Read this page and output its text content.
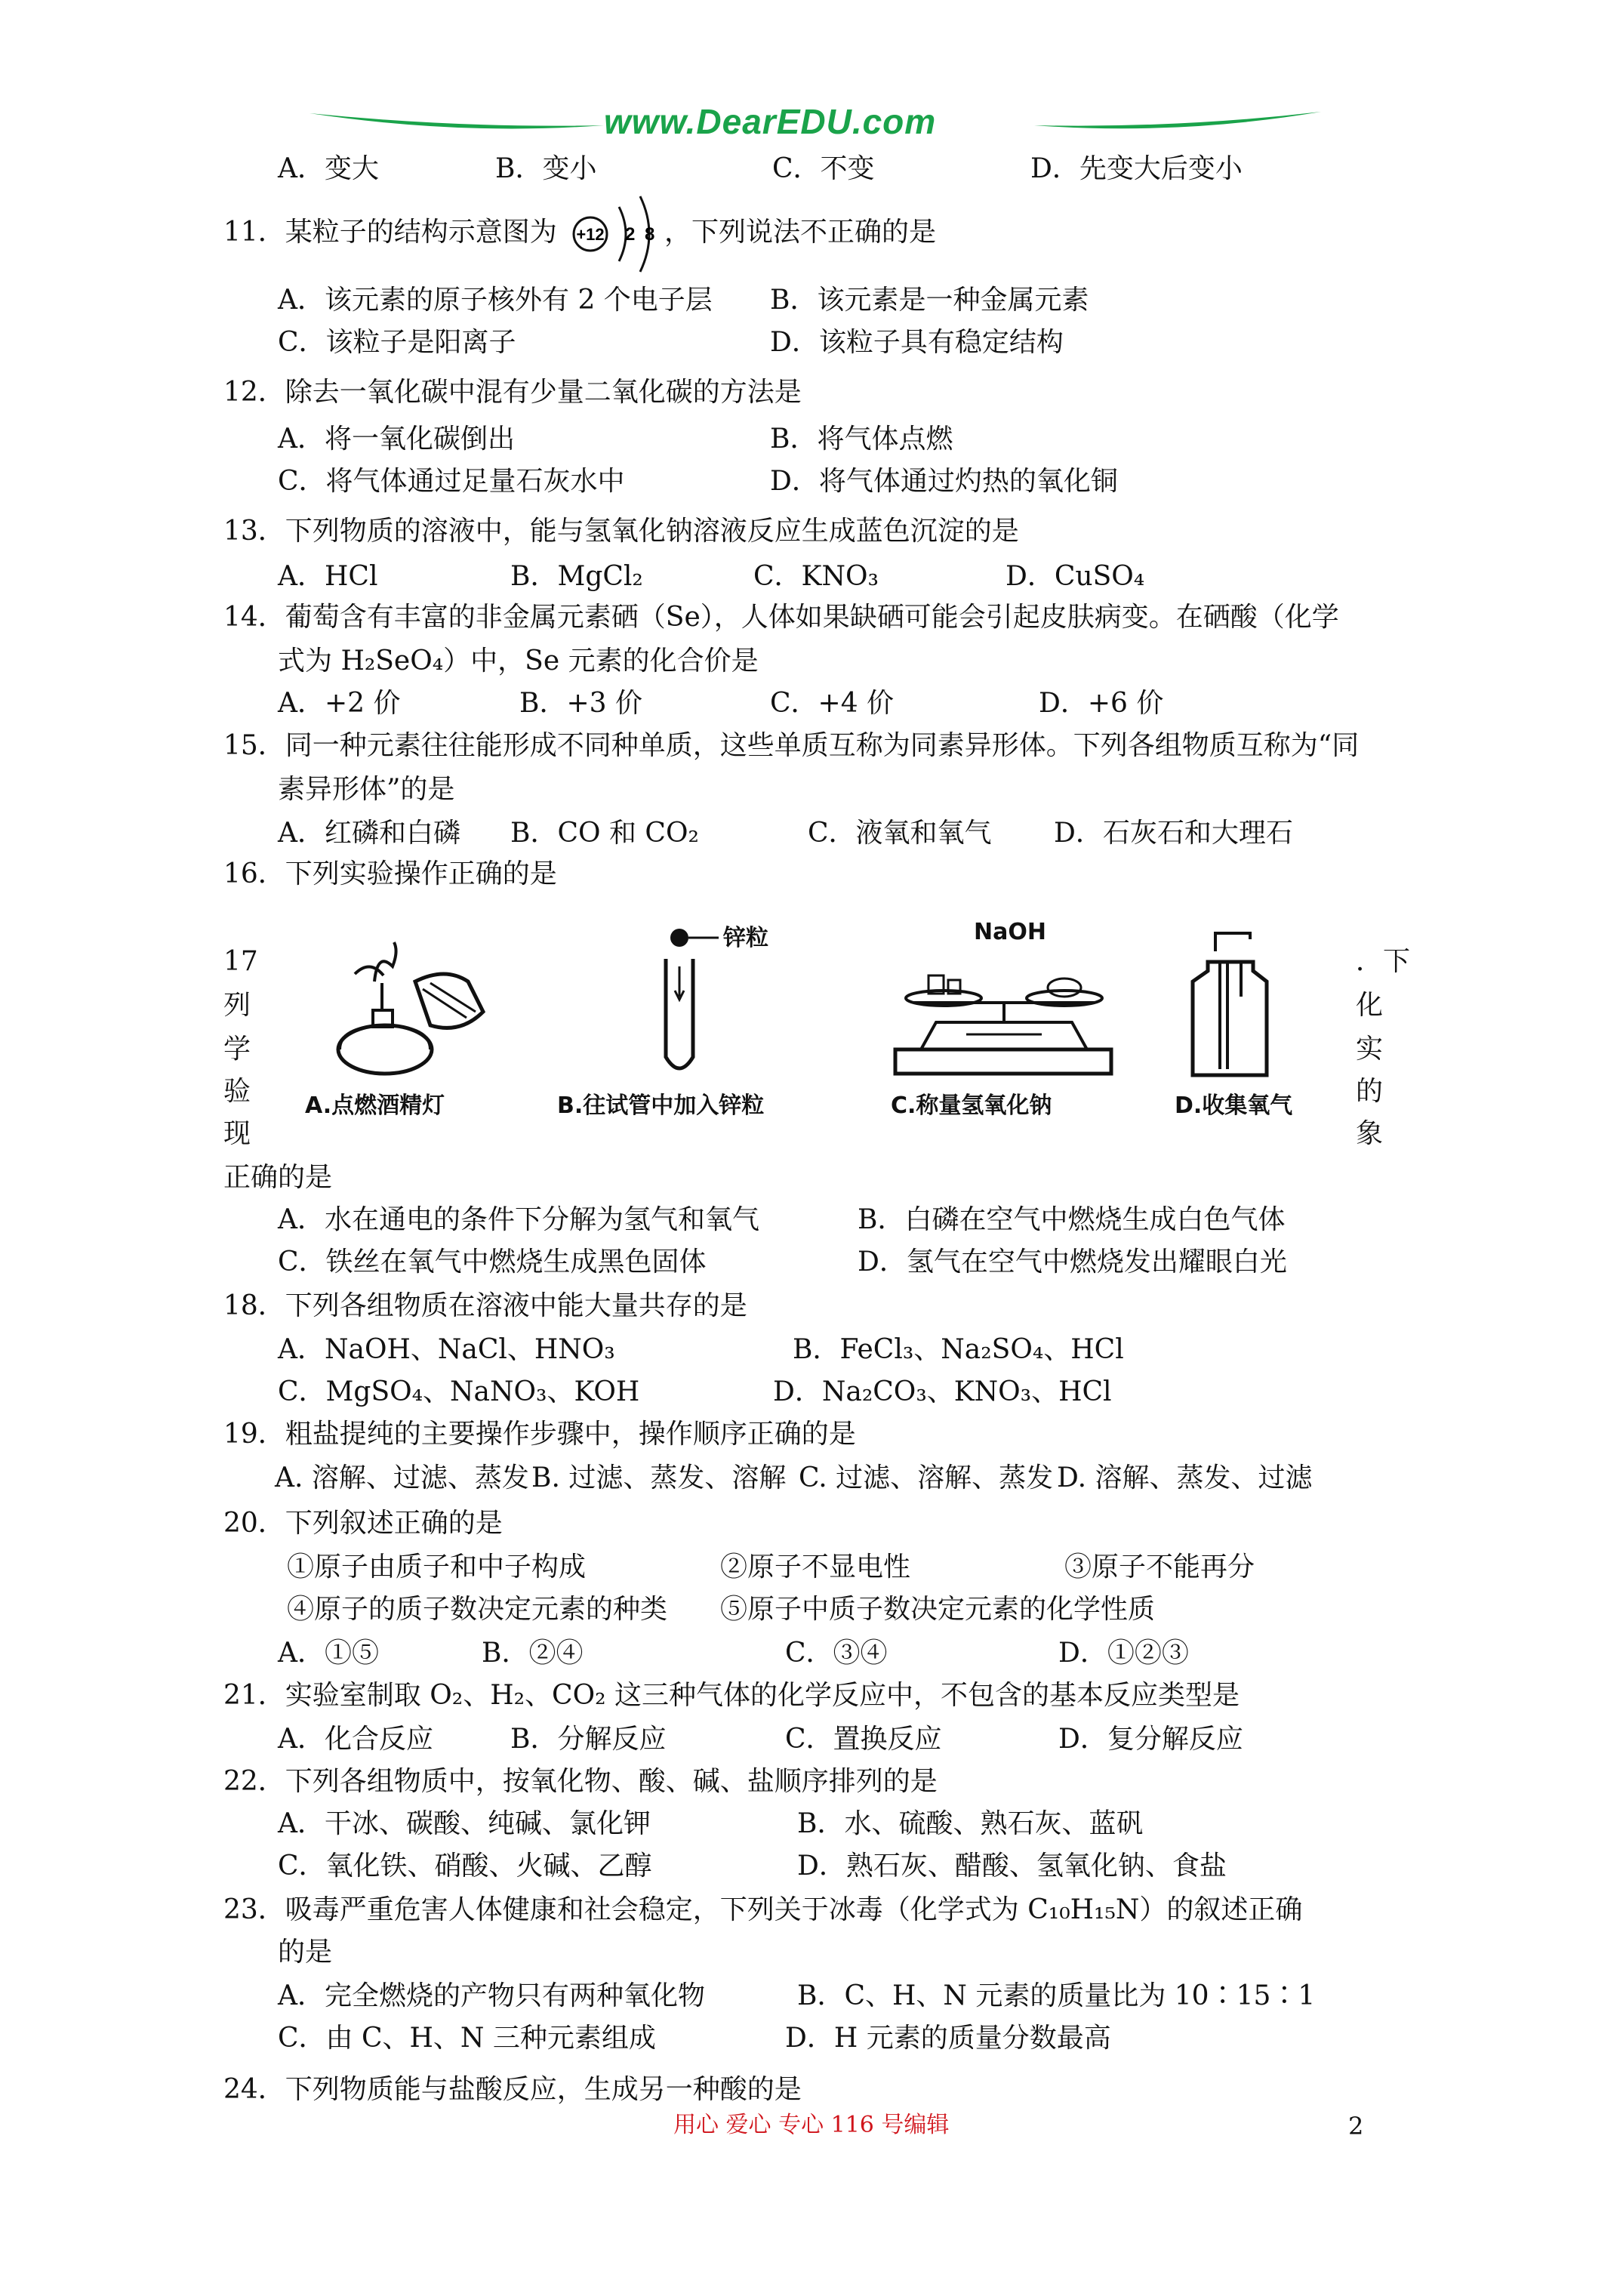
www.DearEDU.com
A．变大	B．变小	C．不变	D．先变大后变小
11．某粒子的结构示意图为 +12 2 8 ，下列说法不正确的是
A．该元素的原子核外有 2 个电子层 B．该元素是一种金属元素
C．该粒子是阳离子	D．该粒子具有稳定结构
12．除去一氧化碳中混有少量二氧化碳的方法是
A．将一氧化碳倒出	B．将气体点燃
C．将气体通过足量石灰水中	D．将气体通过灼热的氧化铜
13．下列物质的溶液中，能与氢氧化钠溶液反应生成蓝色沉淀的是
A．HCl	B．MgCl₂	C．KNO₃	D．CuSO₄
14．葡萄含有丰富的非金属元素硒（Se），人体如果缺硒可能会引起皮肤病变。在硒酸（化学
式为 H₂SeO₄）中，Se 元素的化合价是
A．+2 价	B．+3 价	C．+4 价	D．+6 价
15．同一种元素往往能形成不同种单质，这些单质互称为同素异形体。下列各组物质互称为“同
素异形体”的是
A．红磷和白磷 B．CO 和 CO₂	C．液氧和氧气 D．石灰石和大理石
16．下列实验操作正确的是
A.点燃酒精灯
锌粒
B.往试管中加入锌粒
NaOH
C.称量氢氧化钠	D.收集氧气
17
列
学
验
现
．下
化
实
的
象
正确的是
A．水在通电的条件下分解为氢气和氧气	B．白磷在空气中燃烧生成白色气体
C．铁丝在氧气中燃烧生成黑色固体	D．氢气在空气中燃烧发出耀眼白光
18．下列各组物质在溶液中能大量共存的是
A．NaOH、NaCl、HNO₃	B．FeCl₃、Na₂SO₄、HCl
C．MgSO₄、NaNO₃、KOH	D．Na₂CO₃、KNO₃、HCl
19．粗盐提纯的主要操作步骤中，操作顺序正确的是
A. 溶解、过滤、蒸发 B. 过滤、蒸发、溶解 C. 过滤、溶解、蒸发 D. 溶解、蒸发、过滤
20．下列叙述正确的是
①原子由质子和中子构成	②原子不显电性	③原子不能再分
④原子的质子数决定元素的种类 ⑤原子中质子数决定元素的化学性质
A．①⑤	B．②④	C．③④	D．①②③
21．实验室制取 O₂、H₂、CO₂ 这三种气体的化学反应中，不包含的基本反应类型是
A．化合反应	B．分解反应	C．置换反应	D．复分解反应
22．下列各组物质中，按氧化物、酸、碱、盐顺序排列的是
A．干冰、碳酸、纯碱、氯化钾	B．水、硫酸、熟石灰、蓝矾
C．氧化铁、硝酸、火碱、乙醇	D．熟石灰、醋酸、氢氧化钠、食盐
23．吸毒严重危害人体健康和社会稳定，下列关于冰毒（化学式为 C₁₀H₁₅N）的叙述正确
的是
A．完全燃烧的产物只有两种氧化物	B．C、H、N 元素的质量比为 10∶15∶1
C．由 C、H、N 三种元素组成	D．H 元素的质量分数最高
24．下列物质能与盐酸反应，生成另一种酸的是
用心 爱心 专心 116 号编辑	2
